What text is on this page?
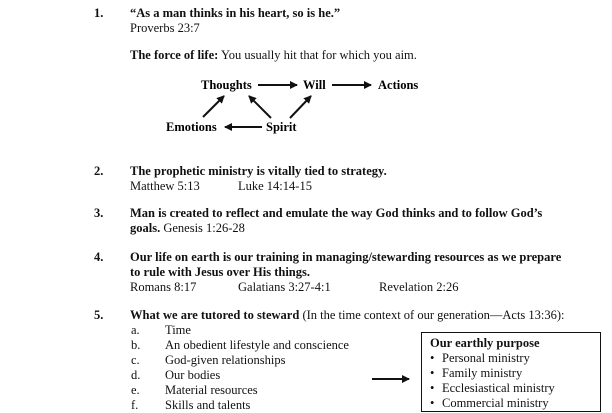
1. “As a man thinks in his heart, so is he.”
Proverbs 23:7
The force of life: You usually hit that for which you aim.
Thoughts	Will	Actions
Emotions	Spirit
2. The prophetic ministry is vitally tied to strategy.
Matthew 5:13	Luke 14:14-15
3. Man is created to reflect and emulate the way God thinks and to follow God’s
goals. Genesis 1:26-28
4. Our life on earth is our training in managing/stewarding resources as we prepare
to rule with Jesus over His things.
Romans 8:17	Galatians 3:27-4:1	Revelation 2:26
5. What we are tutored to steward (In the time context of our generation—Acts 13:36):
a. Time
b. An obedient lifestyle and conscience
c. God-given relationships
d. Our bodies
e. Material resources
f. Skills and talents
Our earthly purpose
• Personal ministry
• Family ministry
• Ecclesiastical ministry
• Commercial ministry
